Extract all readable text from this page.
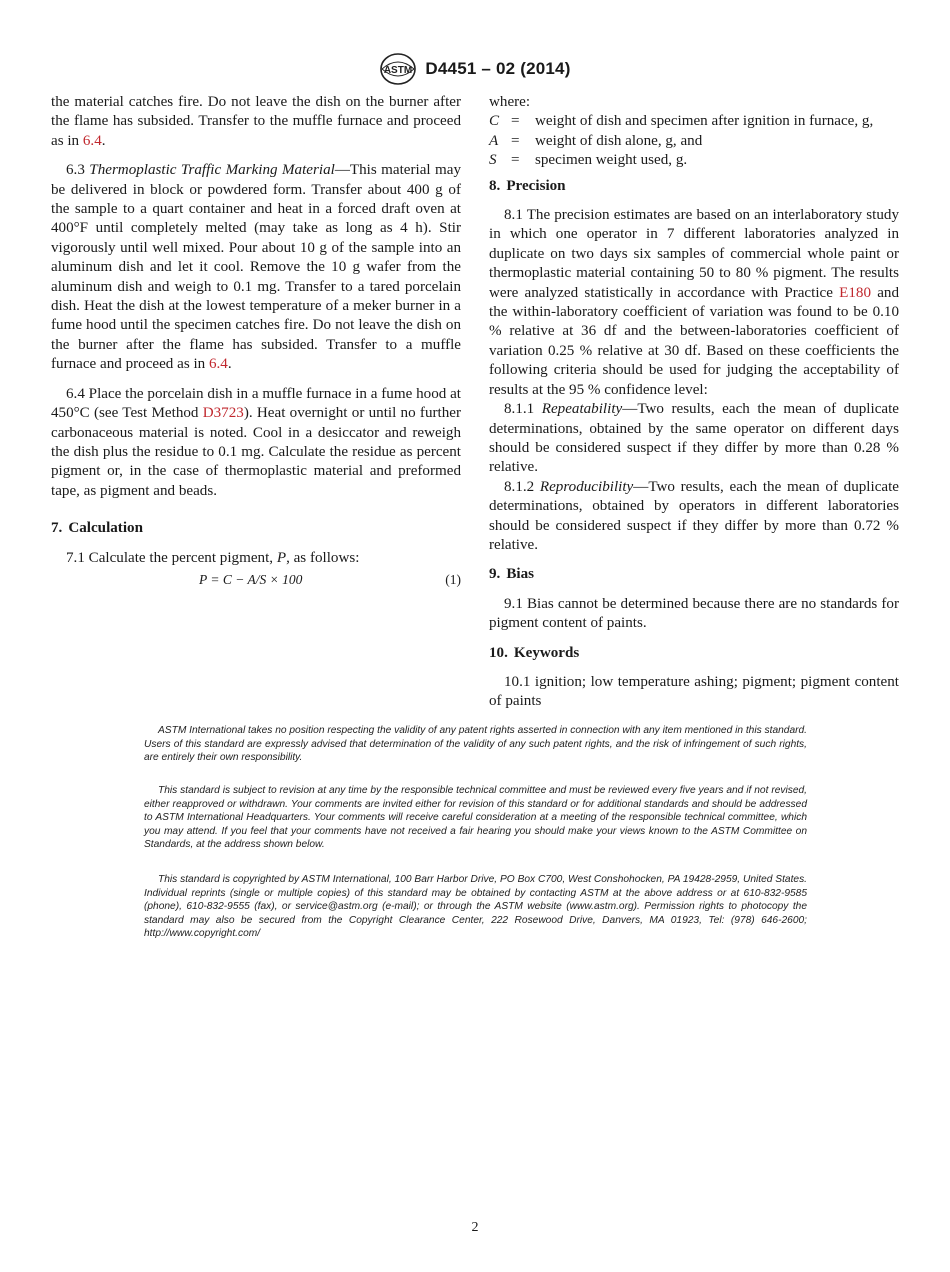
ASTM D4451 – 02 (2014)

the material catches fire. Do not leave the dish on the burner after the flame has subsided. Transfer to the muffle furnace and proceed as in 6.4.

6.3 Thermoplastic Traffic Marking Material—This material may be delivered in block or powdered form. Transfer about 400 g of the sample to a quart container and heat in a forced draft oven at 400°F until completely melted (may take as long as 4 h). Stir vigorously until well mixed. Pour about 10 g of the sample into an aluminum dish and let it cool. Remove the 10 g wafer from the aluminum dish and weigh to 0.1 mg. Transfer to a tared porcelain dish. Heat the dish at the lowest temperature of a meker burner in a fume hood until the specimen catches fire. Do not leave the dish on the burner after the flame has subsided. Transfer to a muffle furnace and proceed as in 6.4.

6.4 Place the porcelain dish in a muffle furnace in a fume hood at 450°C (see Test Method D3723). Heat overnight or until no further carbonaceous material is noted. Cool in a desiccator and reweigh the dish plus the residue to 0.1 mg. Calculate the residue as percent pigment or, in the case of thermoplastic material and preformed tape, as pigment and beads.

7. Calculation

7.1 Calculate the percent pigment, P, as follows:

P = C − A/S × 100	(1)
where:
C =	weight of dish and specimen after ignition in furnace, g,
A =	weight of dish alone, g, and
S =	specimen weight used, g.
8. Precision

8.1 The precision estimates are based on an interlaboratory study in which one operator in 7 different laboratories analyzed in duplicate on two days six samples of commercial whole paint or thermoplastic material containing 50 to 80 % pigment. The results were analyzed statistically in accordance with Practice E180 and the within-laboratory coefficient of variation was found to be 0.10 % relative at 36 df and the between-laboratories coefficient of variation 0.25 % relative at 30 df. Based on these coefficients the following criteria should be used for judging the acceptability of results at the 95 % confidence level:

8.1.1 Repeatability—Two results, each the mean of duplicate determinations, obtained by the same operator on different days should be considered suspect if they differ by more than 0.28 % relative.

8.1.2 Reproducibility—Two results, each the mean of duplicate determinations, obtained by operators in different laboratories should be considered suspect if they differ by more than 0.72 % relative.

9. Bias

9.1 Bias cannot be determined because there are no standards for pigment content of paints.

10. Keywords

10.1 ignition; low temperature ashing; pigment; pigment content of paints

ASTM International takes no position respecting the validity of any patent rights asserted in connection with any item mentioned in this standard. Users of this standard are expressly advised that determination of the validity of any such patent rights, and the risk of infringement of such rights, are entirely their own responsibility.

This standard is subject to revision at any time by the responsible technical committee and must be reviewed every five years and if not revised, either reapproved or withdrawn. Your comments are invited either for revision of this standard or for additional standards and should be addressed to ASTM International Headquarters. Your comments will receive careful consideration at a meeting of the responsible technical committee, which you may attend. If you feel that your comments have not received a fair hearing you should make your views known to the ASTM Committee on Standards, at the address shown below.

This standard is copyrighted by ASTM International, 100 Barr Harbor Drive, PO Box C700, West Conshohocken, PA 19428-2959, United States. Individual reprints (single or multiple copies) of this standard may be obtained by contacting ASTM at the above address or at 610-832-9585 (phone), 610-832-9555 (fax), or service@astm.org (e-mail); or through the ASTM website (www.astm.org). Permission rights to photocopy the standard may also be secured from the Copyright Clearance Center, 222 Rosewood Drive, Danvers, MA 01923, Tel: (978) 646-2600; http://www.copyright.com/

2
